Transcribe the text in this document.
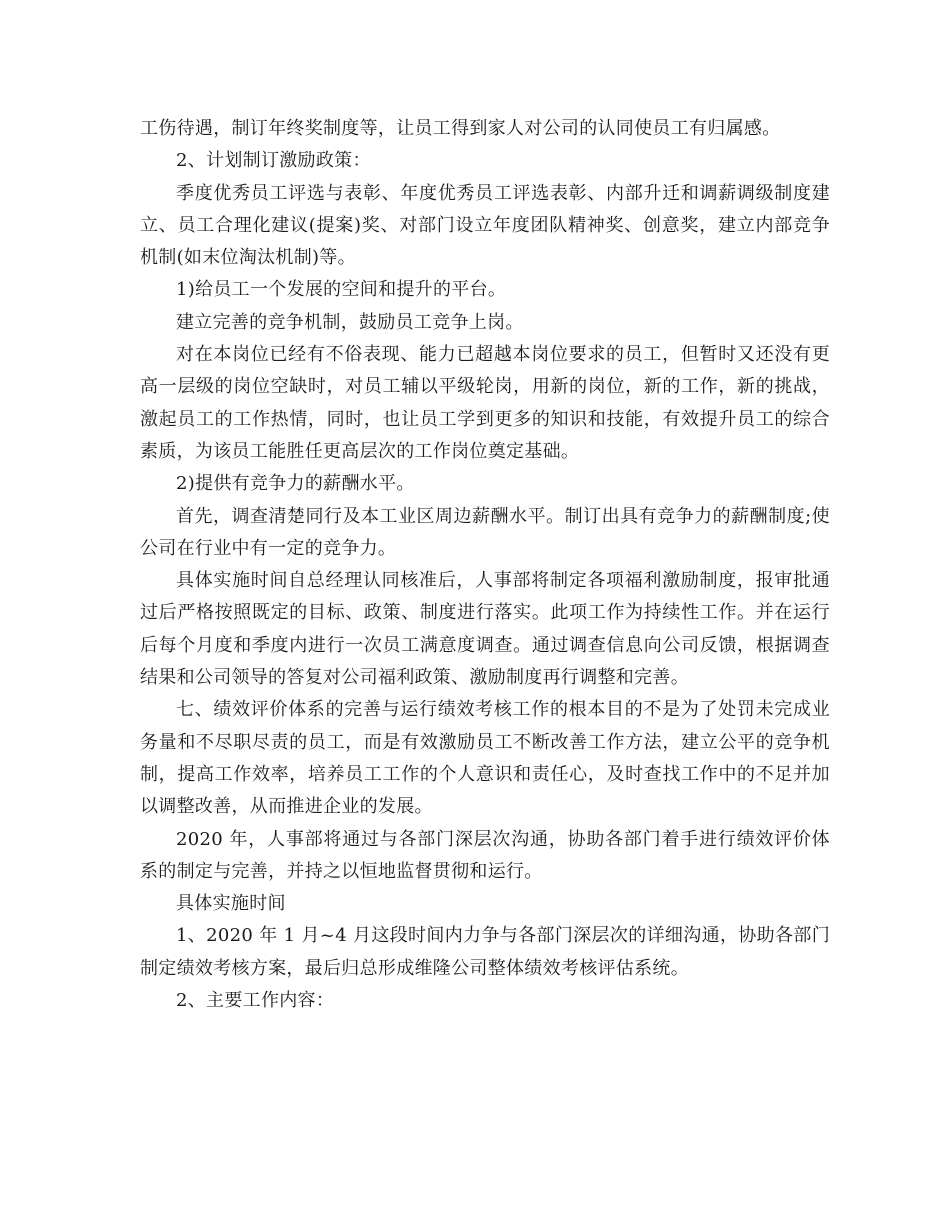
工伤待遇，制订年终奖制度等，让员工得到家人对公司的认同使员工有归属感。

2、计划制订激励政策：

季度优秀员工评选与表彰、年度优秀员工评选表彰、内部升迁和调薪调级制度建立、员工合理化建议(提案)奖、对部门设立年度团队精神奖、创意奖，建立内部竞争机制(如末位淘汰机制)等。

1)给员工一个发展的空间和提升的平台。

建立完善的竞争机制，鼓励员工竞争上岗。

对在本岗位已经有不俗表现、能力已超越本岗位要求的员工，但暂时又还没有更高一层级的岗位空缺时，对员工辅以平级轮岗，用新的岗位，新的工作，新的挑战，激起员工的工作热情，同时，也让员工学到更多的知识和技能，有效提升员工的综合素质，为该员工能胜任更高层次的工作岗位奠定基础。

2)提供有竞争力的薪酬水平。

首先，调查清楚同行及本工业区周边薪酬水平。制订出具有竞争力的薪酬制度;使公司在行业中有一定的竞争力。

具体实施时间自总经理认同核准后，人事部将制定各项福利激励制度，报审批通过后严格按照既定的目标、政策、制度进行落实。此项工作为持续性工作。并在运行后每个月度和季度内进行一次员工满意度调查。通过调查信息向公司反馈，根据调查结果和公司领导的答复对公司福利政策、激励制度再行调整和完善。

七、绩效评价体系的完善与运行绩效考核工作的根本目的不是为了处罚未完成业务量和不尽职尽责的员工，而是有效激励员工不断改善工作方法，建立公平的竞争机制，提高工作效率，培养员工工作的个人意识和责任心，及时查找工作中的不足并加以调整改善，从而推进企业的发展。

2020 年，人事部将通过与各部门深层次沟通，协助各部门着手进行绩效评价体系的制定与完善，并持之以恒地监督贯彻和运行。

具体实施时间

1、2020 年 1 月~4 月这段时间内力争与各部门深层次的详细沟通，协助各部门制定绩效考核方案，最后归总形成维隆公司整体绩效考核评估系统。

2、主要工作内容：
